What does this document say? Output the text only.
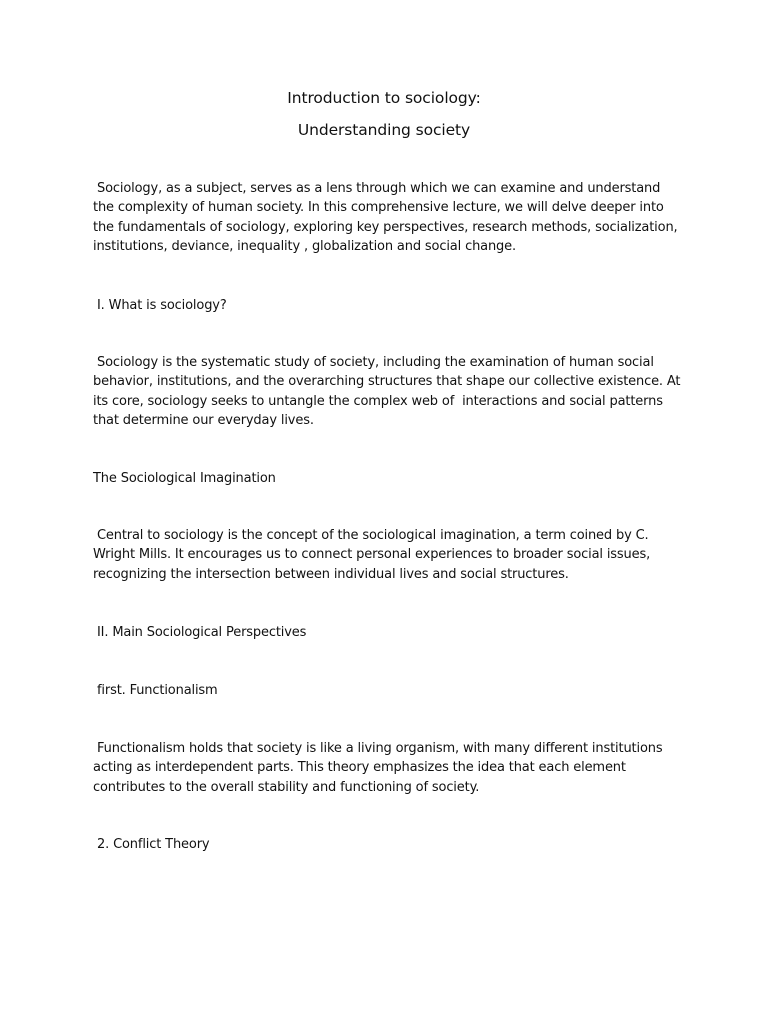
Introduction to sociology:
Understanding society

Sociology, as a subject, serves as a lens through which we can examine and understand the complexity of human society. In this comprehensive lecture, we will delve deeper into the fundamentals of sociology, exploring key perspectives, research methods, socialization, institutions, deviance, inequality , globalization and social change.

I. What is sociology?

Sociology is the systematic study of society, including the examination of human social behavior, institutions, and the overarching structures that shape our collective existence. At its core, sociology seeks to untangle the complex web of  interactions and social patterns that determine our everyday lives.

The Sociological Imagination

Central to sociology is the concept of the sociological imagination, a term coined by C. Wright Mills. It encourages us to connect personal experiences to broader social issues, recognizing the intersection between individual lives and social structures.

II. Main Sociological Perspectives

first. Functionalism

Functionalism holds that society is like a living organism, with many different institutions acting as interdependent parts. This theory emphasizes the idea that each element contributes to the overall stability and functioning of society.

2. Conflict Theory
